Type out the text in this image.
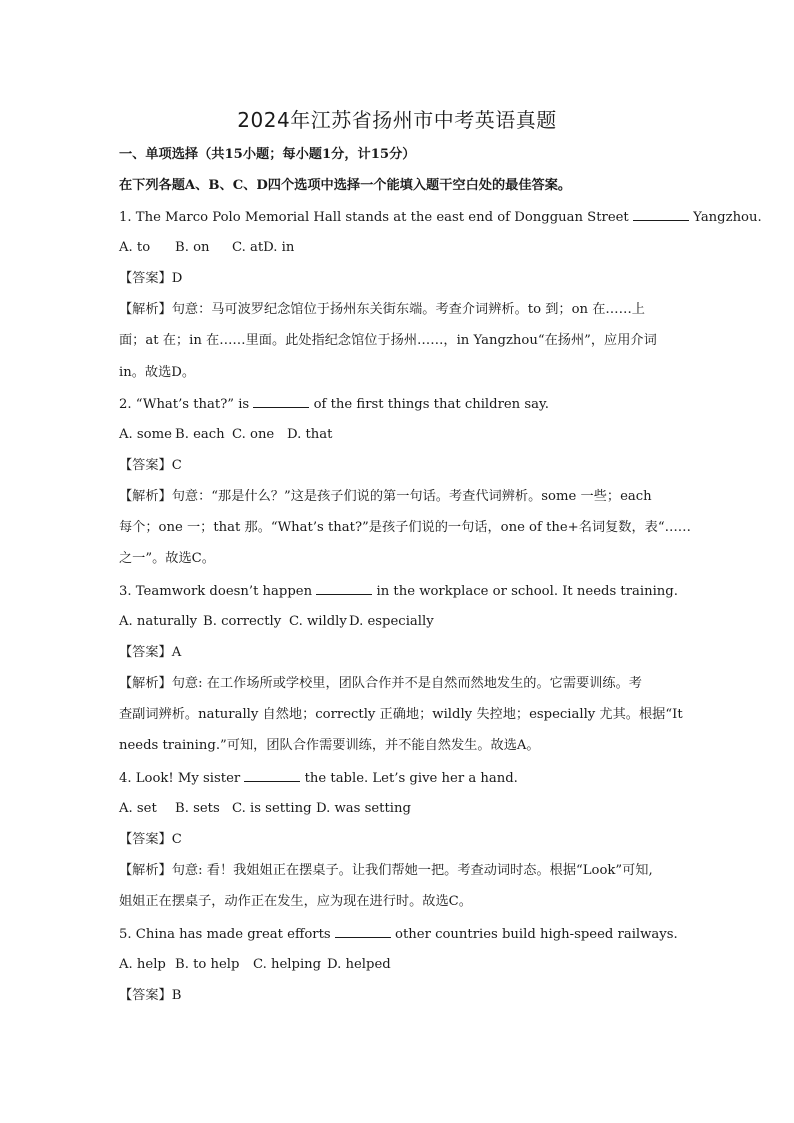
2024年江苏省扬州市中考英语真题
一、单项选择（共15小题；每小题1分，计15分）
在下列各题A、B、C、D四个选项中选择一个能填入题干空白处的最佳答案。
1. The Marco Polo Memorial Hall stands at the east end of Dongguan Street	Yangzhou.
A. to B. on C. atD. in
【答案】D
【解析】句意：马可波罗纪念馆位于扬州东关街东端。考查介词辨析。to 到；on 在……上
面；at 在；in 在……里面。此处指纪念馆位于扬州……，in Yangzhou“在扬州”，应用介词
in。故选D。
2. “What’s that?” is	of the first things that children say.
A. some B. each C. one D. that
【答案】C
【解析】句意：“那是什么？”这是孩子们说的第一句话。考查代词辨析。some 一些；each
每个；one 一；that 那。“What’s that?”是孩子们说的一句话，one of the+名词复数，表“……
之一”。故选C。
3. Teamwork doesn’t happen	in the workplace or school. It needs training.
A. naturally B. correctly C. wildly D. especially
【答案】A
【解析】句意: 在工作场所或学校里，团队合作并不是自然而然地发生的。它需要训练。考
查副词辨析。naturally 自然地；correctly 正确地；wildly 失控地；especially 尤其。根据“It
needs training.”可知，团队合作需要训练，并不能自然发生。故选A。
4. Look! My sister	the table. Let’s give her a hand.
A. set B. sets C. is setting D. was setting
【答案】C
【解析】句意: 看！我姐姐正在摆桌子。让我们帮她一把。考查动词时态。根据“Look”可知,
姐姐正在摆桌子，动作正在发生，应为现在进行时。故选C。
5. China has made great efforts	other countries build high-speed railways.
A. help B. to help C. helping D. helped
【答案】B
